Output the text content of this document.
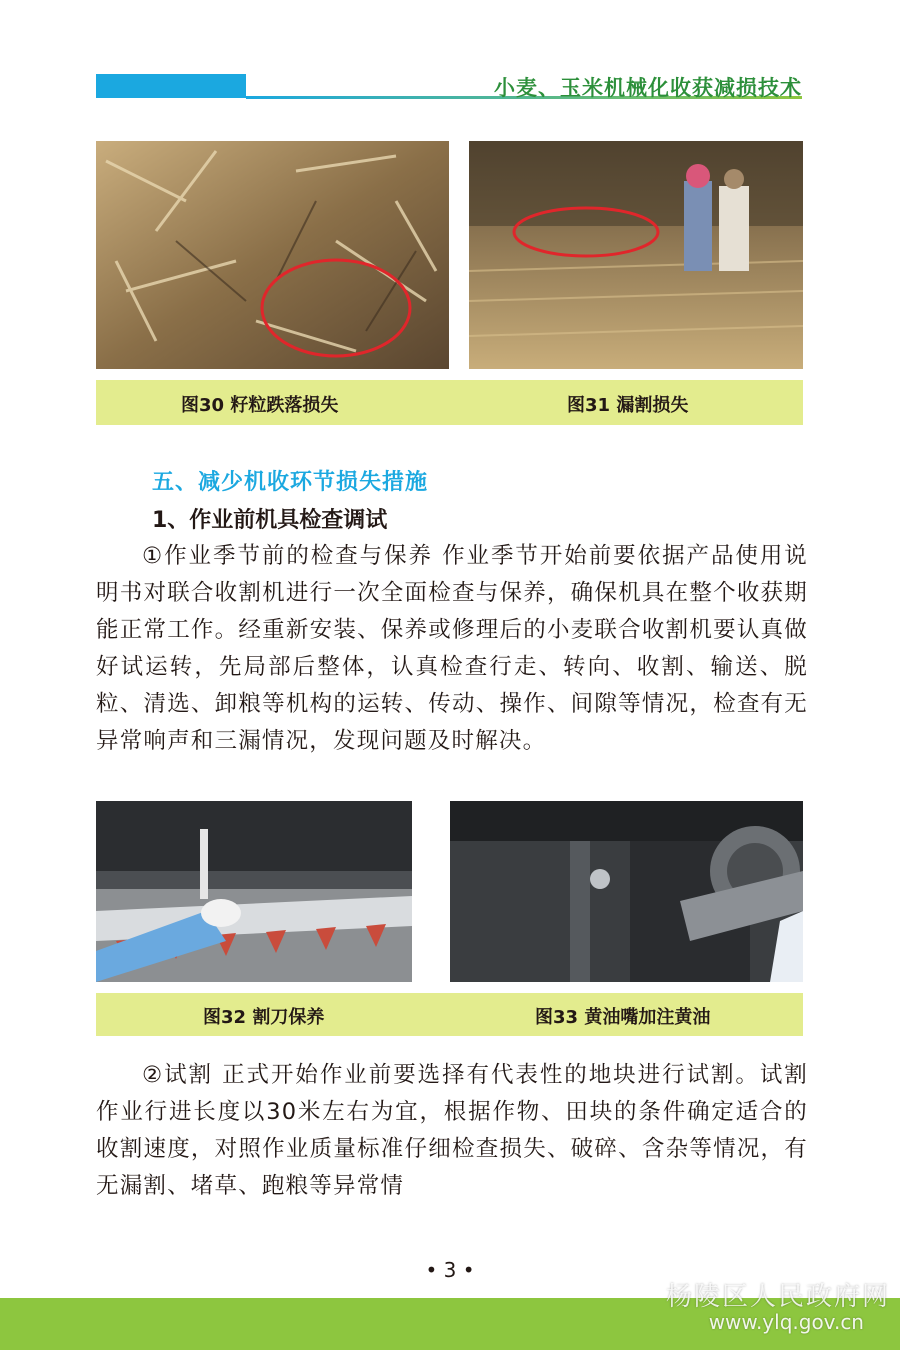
小麦、玉米机械化收获减损技术
图30 籽粒跌落损失	图31 漏割损失
五、减少机收环节损失措施
1、作业前机具检查调试

①作业季节前的检查与保养 作业季节开始前要依据产品使用说明书对联合收割机进行一次全面检查与保养，确保机具在整个收获期能正常工作。经重新安装、保养或修理后的小麦联合收割机要认真做好试运转，先局部后整体，认真检查行走、转向、收割、输送、脱粒、清选、卸粮等机构的运转、传动、操作、间隙等情况，检查有无异常响声和三漏情况，发现问题及时解决。

图32 割刀保养	图33 黄油嘴加注黄油

②试割 正式开始作业前要选择有代表性的地块进行试割。试割作业行进长度以30米左右为宜，根据作物、田块的条件确定适合的收割速度，对照作业质量标准仔细检查损失、破碎、含杂等情况，有无漏割、堵草、跑粮等异常情

• 3 •
杨陵区人民政府网
www.ylq.gov.cn
